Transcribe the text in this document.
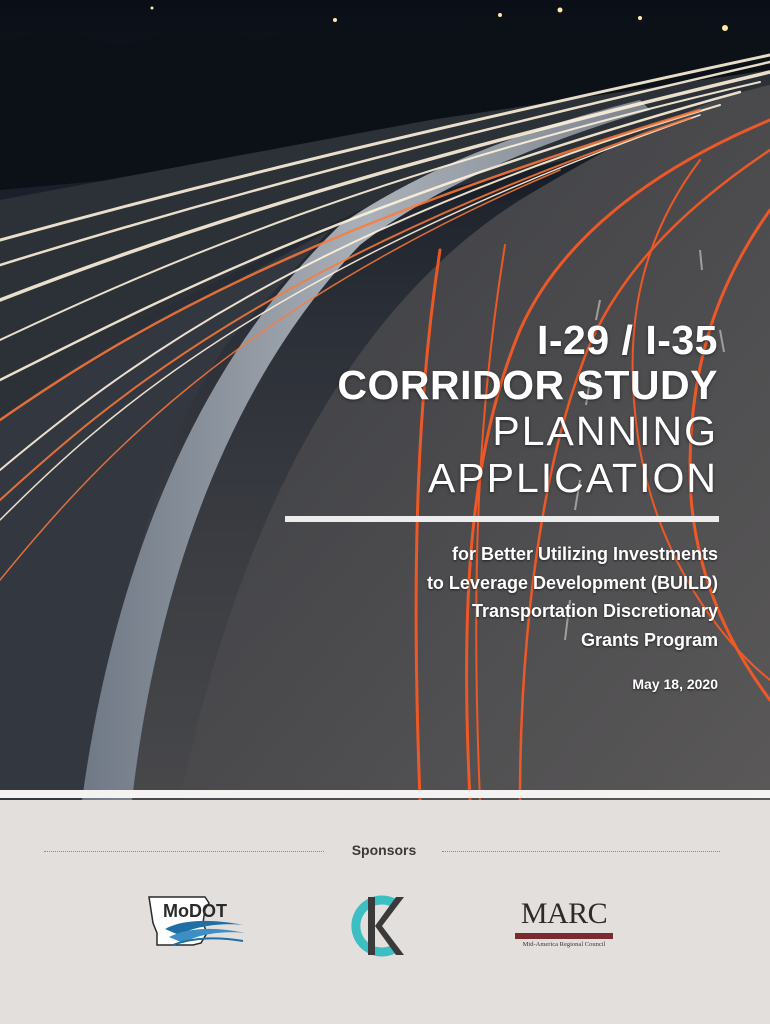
I-29 / I-35
CORRIDOR STUDY
PLANNING
APPLICATION
for Better Utilizing Investments
to Leverage Development (BUILD)
Transportation Discretionary
Grants Program
May 18, 2020
Sponsors
MoDOT	MARC
Mid-America Regional Council
